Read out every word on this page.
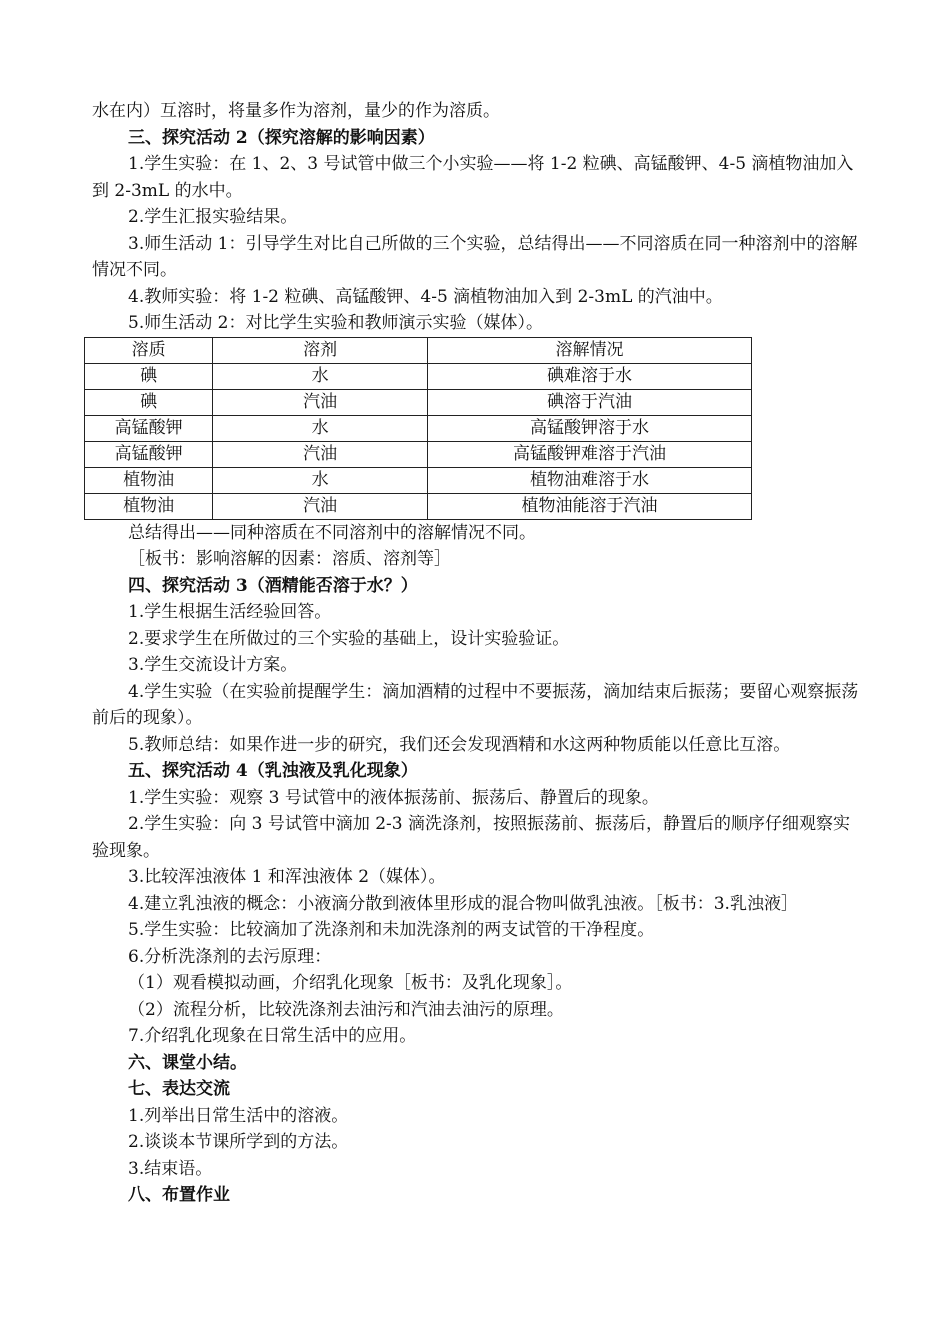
水在内）互溶时，将量多作为溶剂，量少的作为溶质。
三、探究活动 2（探究溶解的影响因素）
1.学生实验：在 1、2、3 号试管中做三个小实验——将 1-2 粒碘、高锰酸钾、4-5 滴植物油加入到 2-3mL 的水中。
2.学生汇报实验结果。
3.师生活动 1：引导学生对比自己所做的三个实验，总结得出——不同溶质在同一种溶剂中的溶解情况不同。
4.教师实验：将 1-2 粒碘、高锰酸钾、4-5 滴植物油加入到 2-3mL 的汽油中。
5.师生活动 2：对比学生实验和教师演示实验（媒体）。
溶质	溶剂	溶解情况
碘	水	碘难溶于水
碘	汽油	碘溶于汽油
高锰酸钾	水	高锰酸钾溶于水
高锰酸钾	汽油	高锰酸钾难溶于汽油
植物油	水	植物油难溶于水
植物油	汽油	植物油能溶于汽油
总结得出——同种溶质在不同溶剂中的溶解情况不同。
［板书：影响溶解的因素：溶质、溶剂等］
四、探究活动 3（酒精能否溶于水？）
1.学生根据生活经验回答。
2.要求学生在所做过的三个实验的基础上，设计实验验证。
3.学生交流设计方案。
4.学生实验（在实验前提醒学生：滴加酒精的过程中不要振荡，滴加结束后振荡；要留心观察振荡前后的现象）。
5.教师总结：如果作进一步的研究，我们还会发现酒精和水这两种物质能以任意比互溶。
五、探究活动 4（乳浊液及乳化现象）
1.学生实验：观察 3 号试管中的液体振荡前、振荡后、静置后的现象。
2.学生实验：向 3 号试管中滴加 2-3 滴洗涤剂，按照振荡前、振荡后，静置后的顺序仔细观察实验现象。
3.比较浑浊液体 1 和浑浊液体 2（媒体）。
4.建立乳浊液的概念：小液滴分散到液体里形成的混合物叫做乳浊液。［板书：3.乳浊液］
5.学生实验：比较滴加了洗涤剂和未加洗涤剂的两支试管的干净程度。
6.分析洗涤剂的去污原理：
（1）观看模拟动画，介绍乳化现象［板书：及乳化现象］。
（2）流程分析，比较洗涤剂去油污和汽油去油污的原理。
7.介绍乳化现象在日常生活中的应用。
六、课堂小结。
七、表达交流
1.列举出日常生活中的溶液。
2.谈谈本节课所学到的方法。
3.结束语。
八、布置作业
